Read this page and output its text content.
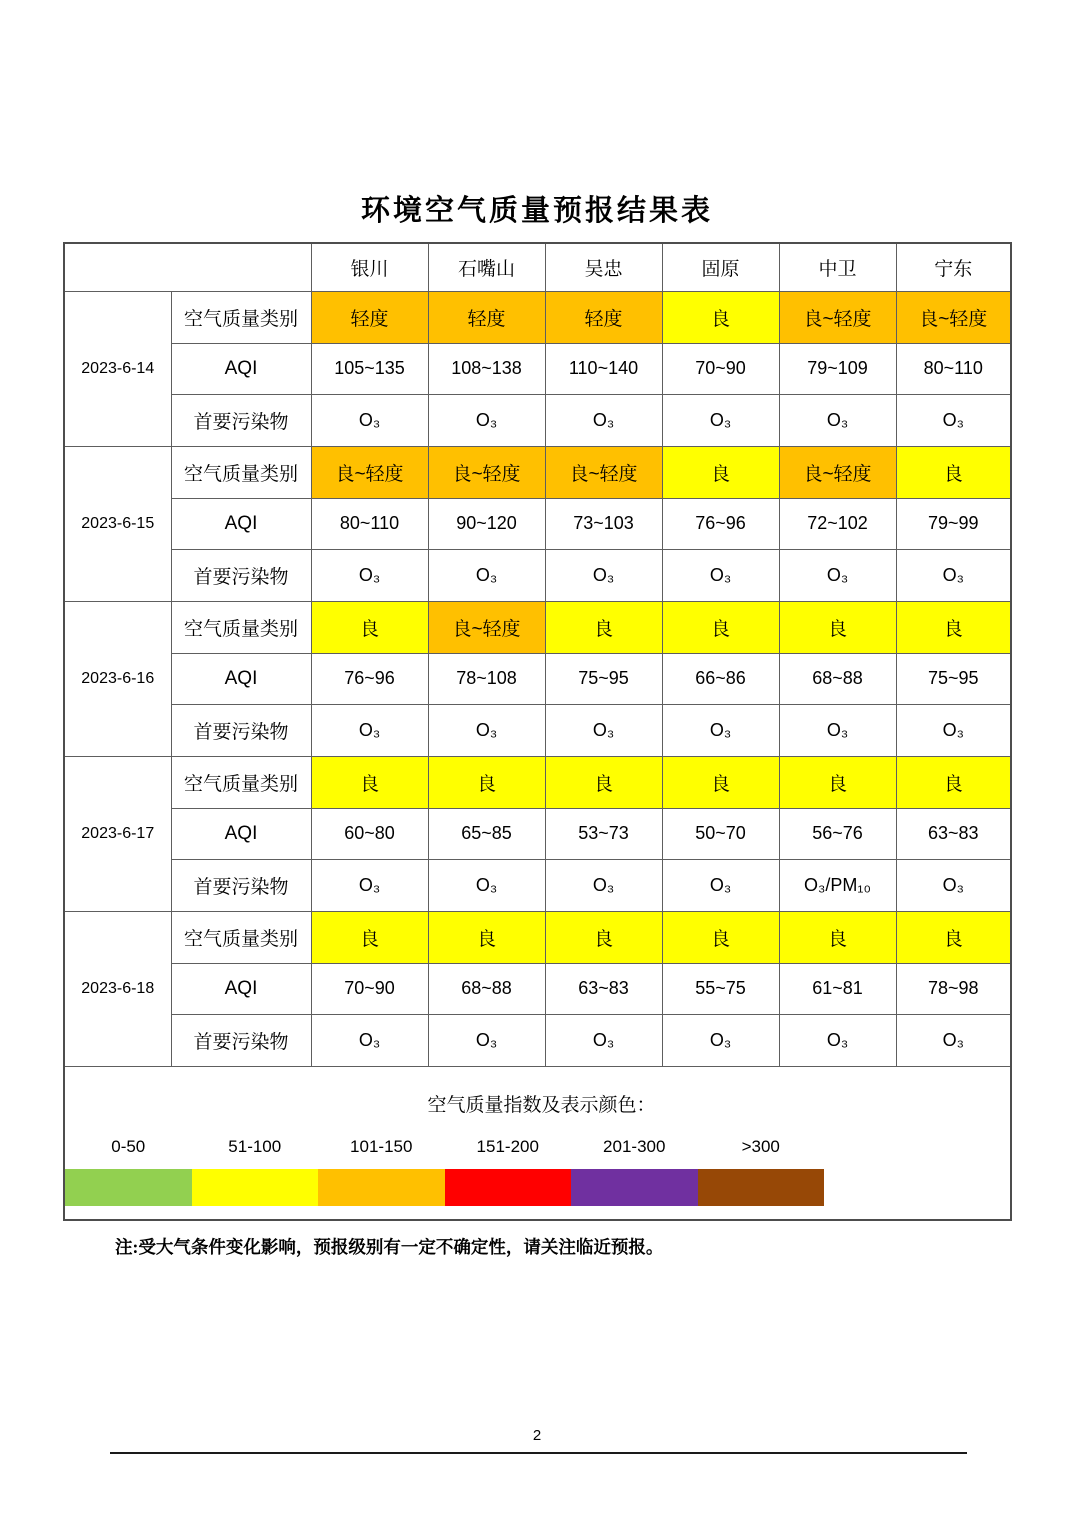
环境空气质量预报结果表
		银川	石嘴山	吴忠	固原	中卫	宁东
2023-6-14	空气质量类别	轻度	轻度	轻度	良	良~轻度	良~轻度
	AQI	105~135	108~138	110~140	70~90	79~109	80~110
	首要污染物	O₃	O₃	O₃	O₃	O₃	O₃
2023-6-15	空气质量类别	良~轻度	良~轻度	良~轻度	良	良~轻度	良
	AQI	80~110	90~120	73~103	76~96	72~102	79~99
	首要污染物	O₃	O₃	O₃	O₃	O₃	O₃
2023-6-16	空气质量类别	良	良~轻度	良	良	良	良
	AQI	76~96	78~108	75~95	66~86	68~88	75~95
	首要污染物	O₃	O₃	O₃	O₃	O₃	O₃
2023-6-17	空气质量类别	良	良	良	良	良	良
	AQI	60~80	65~85	53~73	50~70	56~76	63~83
	首要污染物	O₃	O₃	O₃	O₃	O₃/PM₁₀	O₃
2023-6-18	空气质量类别	良	良	良	良	良	良
	AQI	70~90	68~88	63~83	55~75	61~81	78~98
	首要污染物	O₃	O₃	O₃	O₃	O₃	O₃

空气质量指数及表示颜色：
0-50	51-100	101-150	151-200	201-300	>300
注:受大气条件变化影响，预报级别有一定不确定性，请关注临近预报。
2
